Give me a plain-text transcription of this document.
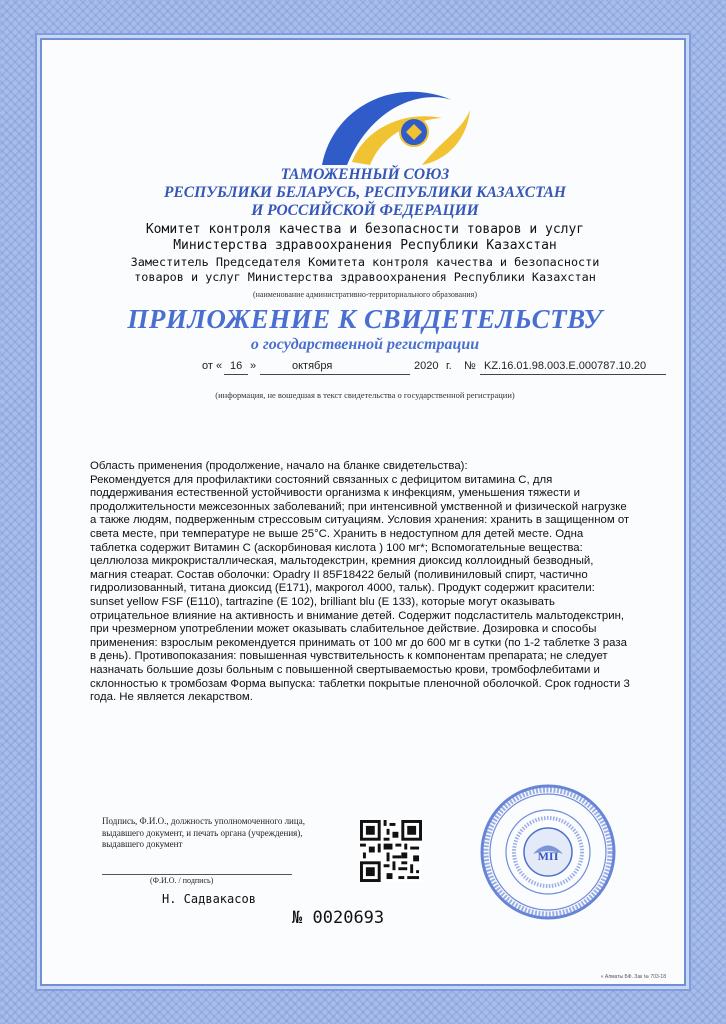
ТАМОЖЕННЫЙ СОЮЗ
РЕСПУБЛИКИ БЕЛАРУСЬ, РЕСПУБЛИКИ КАЗАХСТАН
И РОССИЙСКОЙ ФЕДЕРАЦИИ
Комитет контроля качества и безопасности товаров и услуг
Министерства здравоохранения Республики Казахстан
Заместитель Председателя Комитета контроля качества и безопасности
товаров и услуг Министерства здравоохранения Республики Казахстан
(наименование административно-территориального образования)
ПРИЛОЖЕНИЕ К СВИДЕТЕЛЬСТВУ
о государственной регистрации
от « 16 »	октября	2020 г. № KZ.16.01.98.003.E.000787.10.20
(информация, не вошедшая в текст свидетельства о государственной регистрации)

Область применения (продолжение, начало на бланке свидетельства):
Рекомендуется для профилактики состояний связанных с дефицитом витамина С, для поддерживания естественной устойчивости организма к инфекциям, уменьшения тяжести и продолжительности межсезонных заболеваний; при интенсивной умственной и физической нагрузке а также людям, подверженным стрессовым ситуациям. Условия хранения: хранить в защищенном от света месте, при температуре не выше 25°С. Хранить в недоступном для детей месте. Одна таблетка содержит Витамин С (аскорбиновая кислота ) 100 мг*; Вспомогательные вещества: целлюлоза микрокристаллическая, мальтодекстрин, кремния диоксид коллоидный безводный, магния стеарат. Состав оболочки: Opadry II 85F18422 белый (поливиниловый спирт, частично гидролизованный, титана диоксид (Е171), макрогол 4000, тальк). Продукт содержит красители: sunset yellow FSF (E110), tartrazine (E 102), brilliant blu (E 133), которые могут оказывать отрицательное влияние на активность и внимание детей. Содержит подсластитель мальтодекстрин, при чрезмерном употреблении может оказывать слабительное действие. Дозировка и способы применения: взрослым рекомендуется принимать от 100 мг до 600 мг в сутки (по 1-2 таблетке 3 раза в день). Противопоказания: повышенная чувствительность к компонентам препарата; не следует назначать большие дозы больным с повышенной свертываемостью крови, тромбофлебитами и склонностью к тромбозам Форма выпуска: таблетки покрытые пленочной оболочкой. Срок годности 3 года. Не является лекарством.

Подпись, Ф.И.О., должность уполномоченного лица, выдавшего документ, и печать органа (учреждения), выдавшего документ
(Ф.И.О. / подпись)
Н. Садвакасов
№ 0020693
МП
« Алматы БФ. Зак № 703-18
